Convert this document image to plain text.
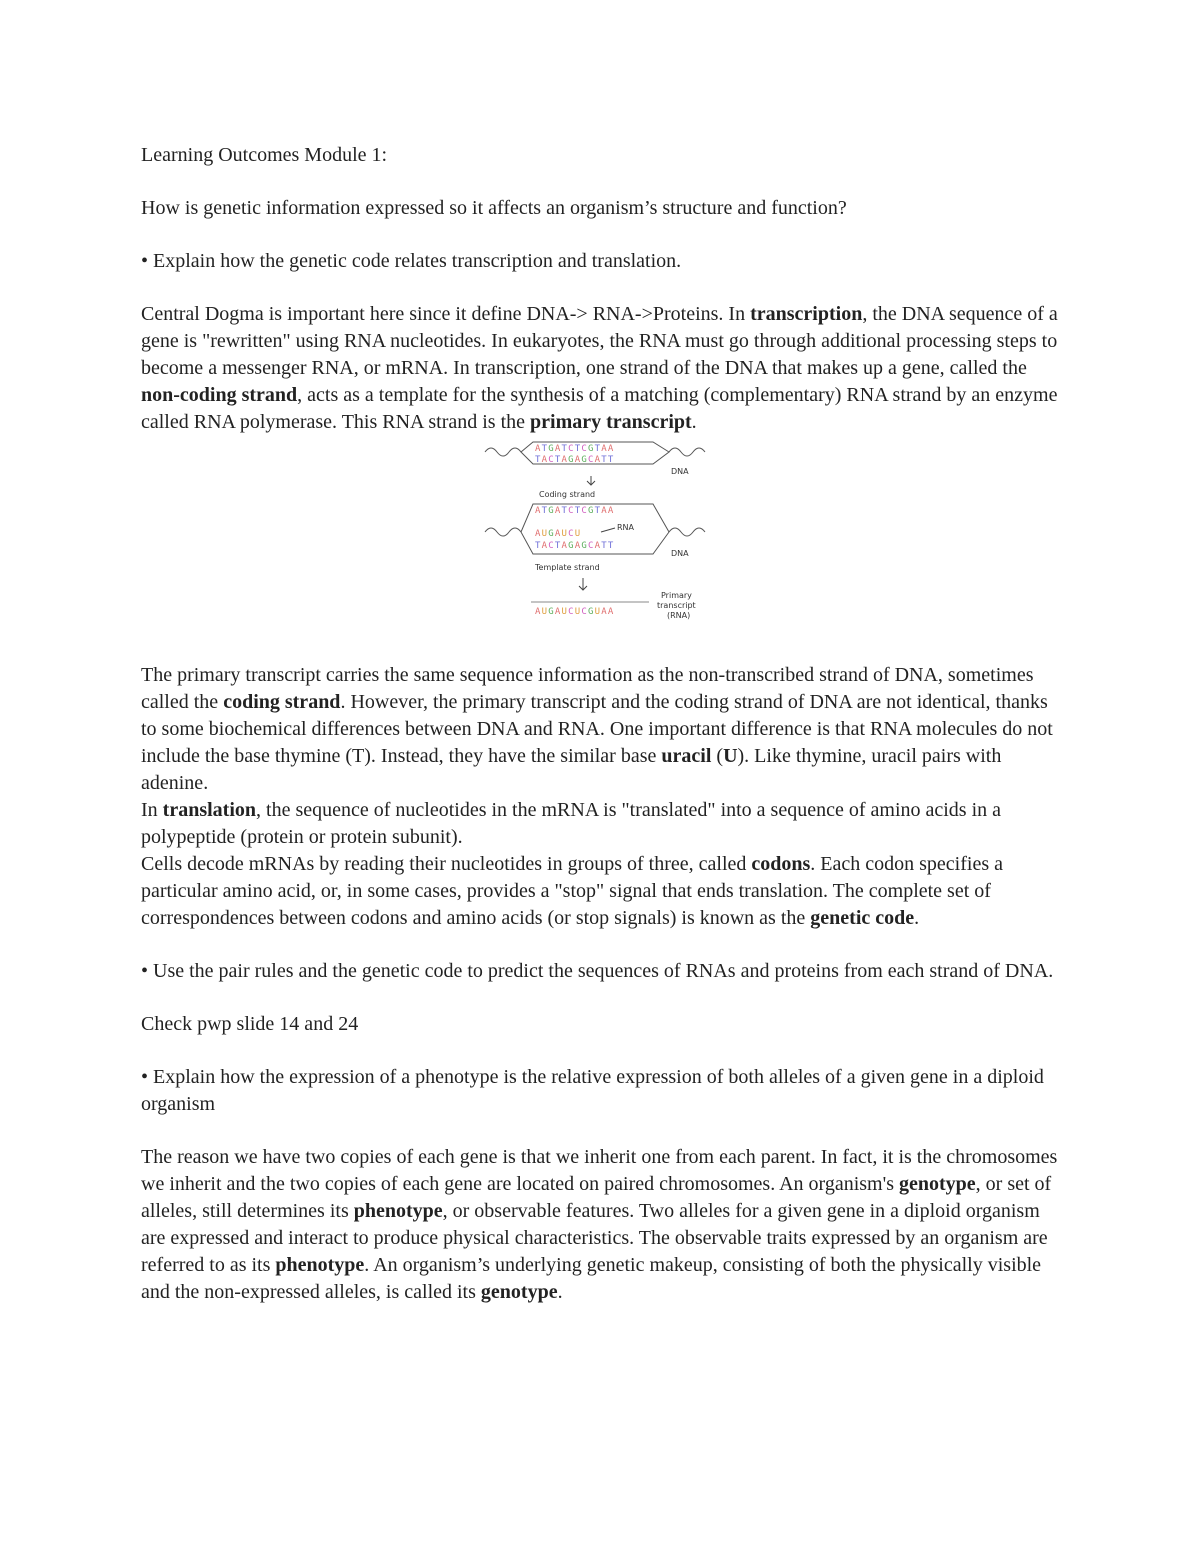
Learning Outcomes Module 1:

How is genetic information expressed so it affects an organism’s structure and function?

• Explain how the genetic code relates transcription and translation.

Central Dogma is important here since it define DNA-> RNA->Proteins. In transcription, the DNA sequence of a gene is "rewritten" using RNA nucleotides. In eukaryotes, the RNA must go through additional processing steps to become a messenger RNA, or mRNA. In transcription, one strand of the DNA that makes up a gene, called the non-coding strand, acts as a template for the synthesis of a matching (complementary) RNA strand by an enzyme called RNA polymerase. This RNA strand is the primary transcript.

ATGATCTCGTAA
TACTAGAGCATT
DNA
Coding strand
ATGATCTCGTAA
AUGAUCU
RNA
TACTAGAGCATT
DNA
Template strand
AUGAUCUCGUAA
Primary
transcript
(RNA)

The primary transcript carries the same sequence information as the non-transcribed strand of DNA, sometimes called the coding strand. However, the primary transcript and the coding strand of DNA are not identical, thanks to some biochemical differences between DNA and RNA. One important difference is that RNA molecules do not include the base thymine (T). Instead, they have the similar base uracil (U). Like thymine, uracil pairs with adenine.

In translation, the sequence of nucleotides in the mRNA is "translated" into a sequence of amino acids in a polypeptide (protein or protein subunit).

Cells decode mRNAs by reading their nucleotides in groups of three, called codons. Each codon specifies a particular amino acid, or, in some cases, provides a "stop" signal that ends translation. The complete set of correspondences between codons and amino acids (or stop signals) is known as the genetic code.

• Use the pair rules and the genetic code to predict the sequences of RNAs and proteins from each strand of DNA.

Check pwp slide 14 and 24

• Explain how the expression of a phenotype is the relative expression of both alleles of a given gene in a diploid organism

The reason we have two copies of each gene is that we inherit one from each parent. In fact, it is the chromosomes we inherit and the two copies of each gene are located on paired chromosomes. An organism's genotype, or set of alleles, still determines its phenotype, or observable features. Two alleles for a given gene in a diploid organism are expressed and interact to produce physical characteristics. The observable traits expressed by an organism are referred to as its phenotype. An organism’s underlying genetic makeup, consisting of both the physically visible and the non-expressed alleles, is called its genotype.
